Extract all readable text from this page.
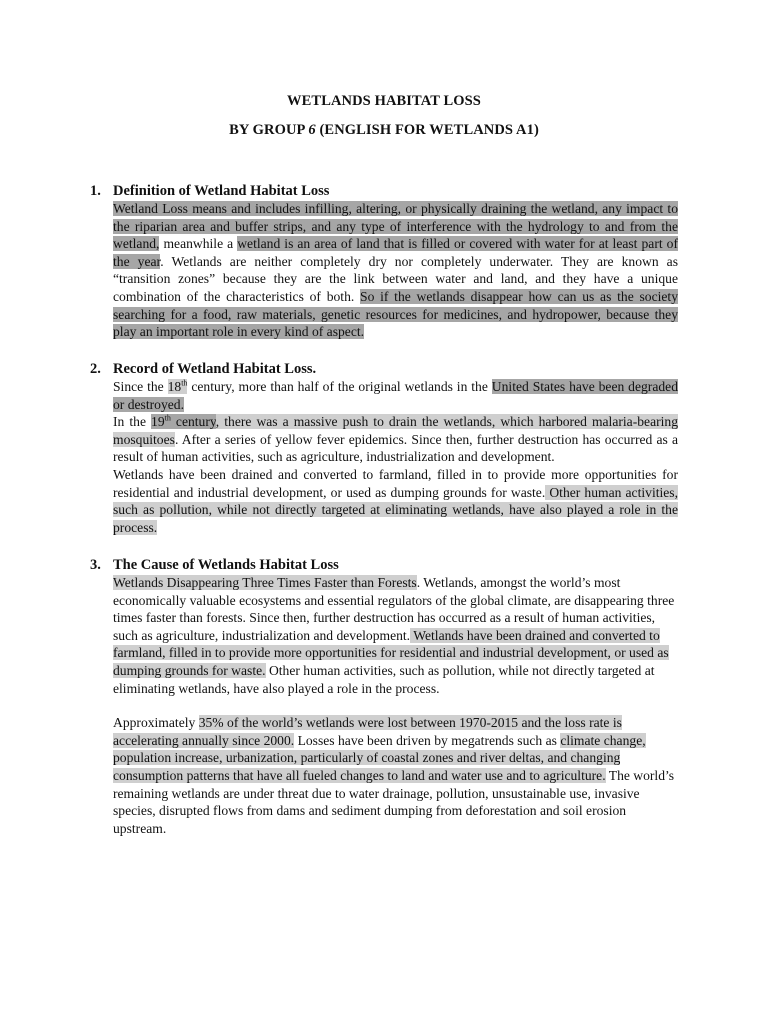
WETLANDS HABITAT LOSS
BY GROUP 6 (ENGLISH FOR WETLANDS A1)
1. Definition of Wetland Habitat Loss

Wetland Loss means and includes infilling, altering, or physically draining the wetland, any impact to the riparian area and buffer strips, and any type of interference with the hydrology to and from the wetland, meanwhile a wetland is an area of land that is filled or covered with water for at least part of the year. Wetlands are neither completely dry nor completely underwater. They are known as “transition zones” because they are the link between water and land, and they have a unique combination of the characteristics of both. So if the wetlands disappear how can us as the society searching for a food, raw materials, genetic resources for medicines, and hydropower, because they play an important role in every kind of aspect.

2. Record of Wetland Habitat Loss.

Since the 18th century, more than half of the original wetlands in the United States have been degraded or destroyed.

In the 19th century, there was a massive push to drain the wetlands, which harbored malaria-bearing mosquitoes. After a series of yellow fever epidemics. Since then, further destruction has occurred as a result of human activities, such as agriculture, industrialization and development.

Wetlands have been drained and converted to farmland, filled in to provide more opportunities for residential and industrial development, or used as dumping grounds for waste. Other human activities, such as pollution, while not directly targeted at eliminating wetlands, have also played a role in the process.

3. The Cause of Wetlands Habitat Loss

Wetlands Disappearing Three Times Faster than Forests. Wetlands, amongst the world’s most economically valuable ecosystems and essential regulators of the global climate, are disappearing three times faster than forests. Since then, further destruction has occurred as a result of human activities, such as agriculture, industrialization and development. Wetlands have been drained and converted to farmland, filled in to provide more opportunities for residential and industrial development, or used as dumping grounds for waste. Other human activities, such as pollution, while not directly targeted at eliminating wetlands, have also played a role in the process.

Approximately 35% of the world’s wetlands were lost between 1970-2015 and the loss rate is accelerating annually since 2000. Losses have been driven by megatrends such as climate change, population increase, urbanization, particularly of coastal zones and river deltas, and changing consumption patterns that have all fueled changes to land and water use and to agriculture. The world’s remaining wetlands are under threat due to water drainage, pollution, unsustainable use, invasive species, disrupted flows from dams and sediment dumping from deforestation and soil erosion upstream.
